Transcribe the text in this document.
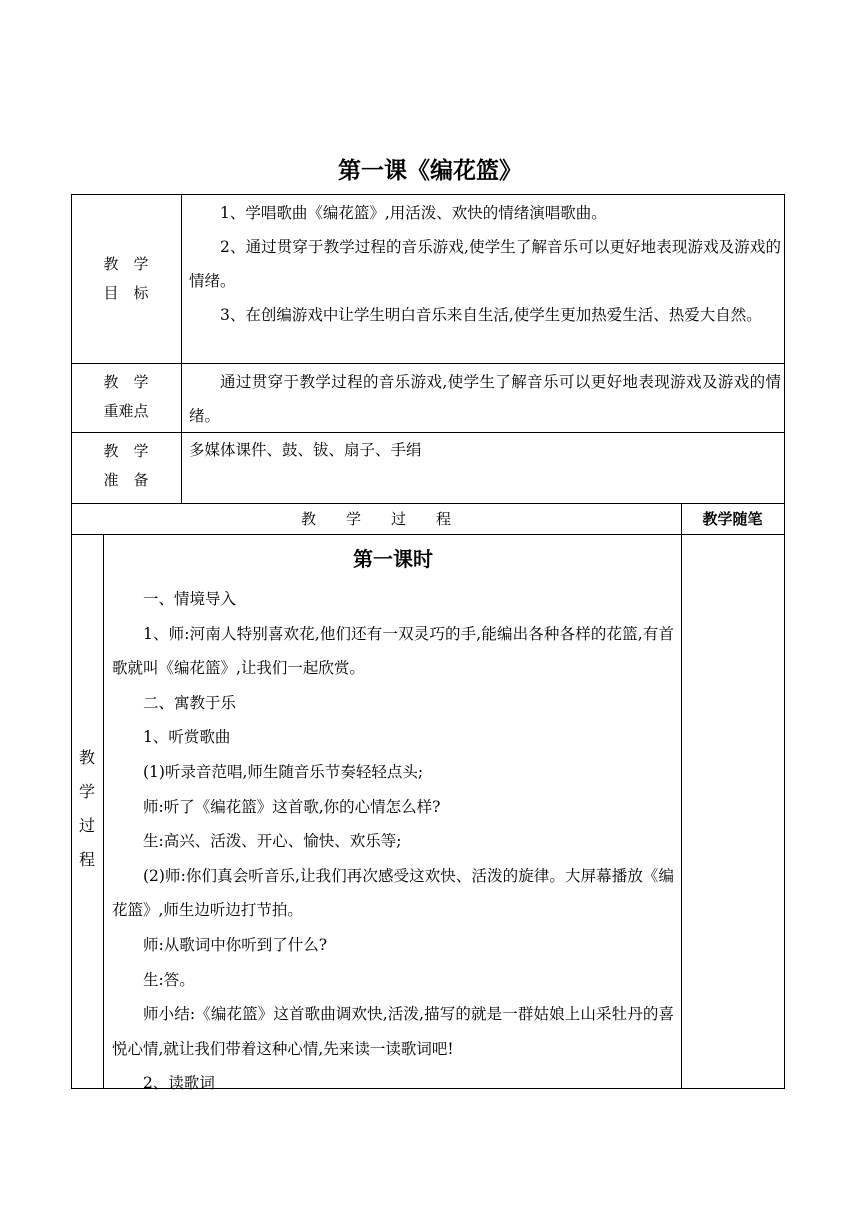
第一课《编花篮》
教　学
目　标

1、学唱歌曲《编花篮》,用活泼、欢快的情绪演唱歌曲。

2、通过贯穿于教学过程的音乐游戏,使学生了解音乐可以更好地表现游戏及游戏的情绪。

3、在创编游戏中让学生明白音乐来自生活,使学生更加热爱生活、热爱大自然。

教　学
重难点

通过贯穿于教学过程的音乐游戏,使学生了解音乐可以更好地表现游戏及游戏的情绪。

教　学
准　备

多媒体课件、鼓、钹、扇子、手绢

教　　学　　过　　程	教学随笔
教
学
过
程
第一课时

一、情境导入

1、师:河南人特别喜欢花,他们还有一双灵巧的手,能编出各种各样的花篮,有首歌就叫《编花篮》,让我们一起欣赏。

二、寓教于乐

1、听赏歌曲

(1)听录音范唱,师生随音乐节奏轻轻点头;

师:听了《编花篮》这首歌,你的心情怎么样?

生:高兴、活泼、开心、愉快、欢乐等;

(2)师:你们真会听音乐,让我们再次感受这欢快、活泼的旋律。大屏幕播放《编花篮》,师生边听边打节拍。

师:从歌词中你听到了什么?

生:答。

师小结:《编花篮》这首歌曲调欢快,活泼,描写的就是一群姑娘上山采牡丹的喜悦心情,就让我们带着这种心情,先来读一读歌词吧!

2、读歌词
